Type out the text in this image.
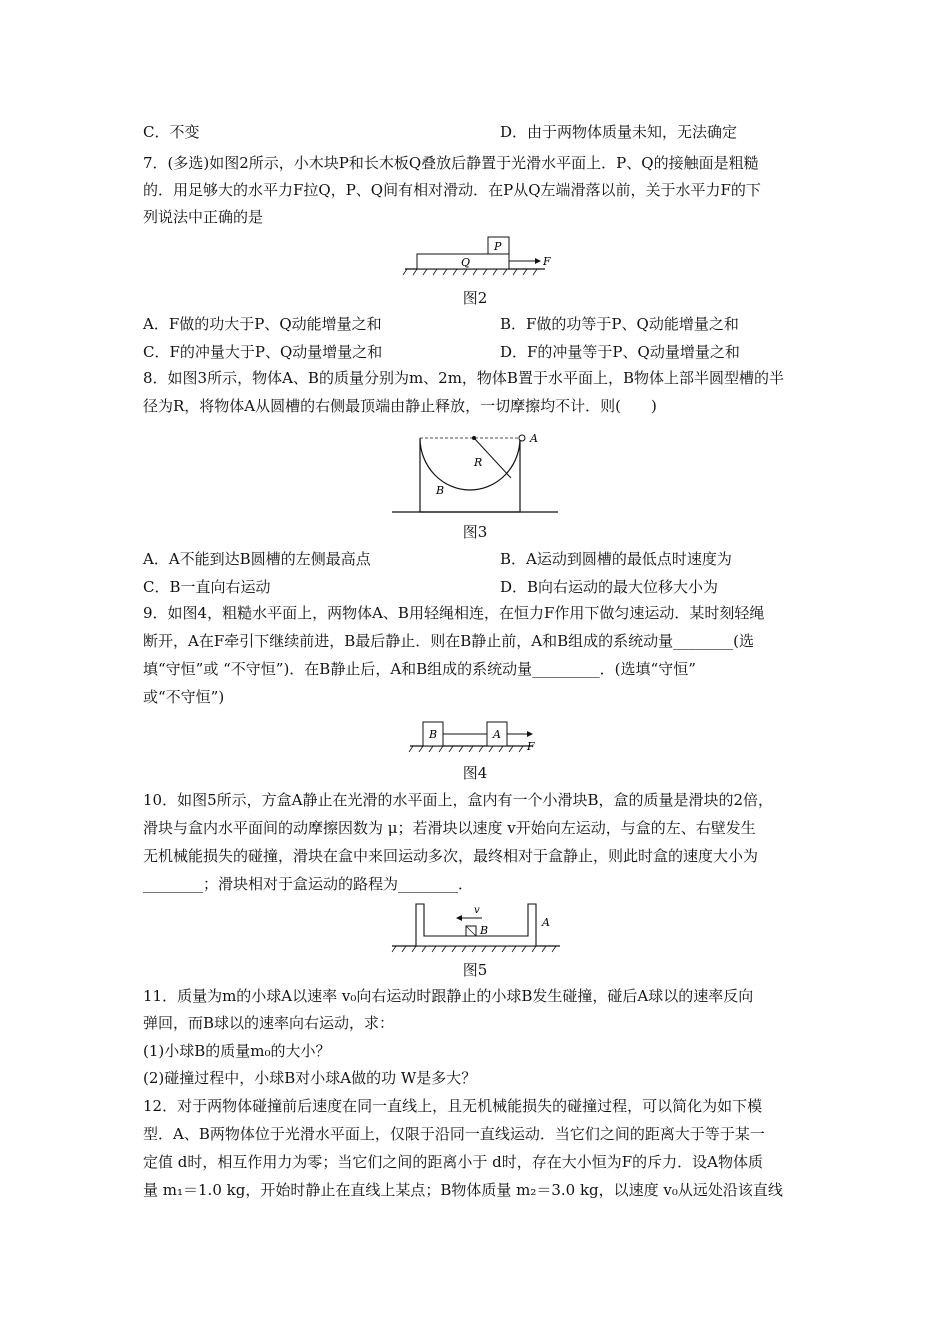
C．不变	D．由于两物体质量未知，无法确定
7．(多选)如图2所示，小木块P和长木板Q叠放后静置于光滑水平面上．P、Q的接触面是粗糙
的．用足够大的水平力F拉Q，P、Q间有相对滑动．在P从Q左端滑落以前，关于水平力F的下
列说法中正确的是
P
Q	F
图2
A．F做的功大于P、Q动能增量之和	B．F做的功等于P、Q动能增量之和
C．F的冲量大于P、Q动量增量之和	D．F的冲量等于P、Q动量增量之和
8．如图3所示，物体A、B的质量分别为m、2m，物体B置于水平面上，B物体上部半圆型槽的半
径为R，将物体A从圆槽的右侧最顶端由静止释放，一切摩擦均不计．则(　　)
A
R
B
图3
A．A不能到达B圆槽的左侧最高点	B．A运动到圆槽的最低点时速度为
C．B一直向右运动	D．B向右运动的最大位移大小为
9．如图4，粗糙水平面上，两物体A、B用轻绳相连，在恒力F作用下做匀速运动．某时刻轻绳
断开，A在F牵引下继续前进，B最后静止．则在B静止前，A和B组成的系统动量________(选
填“守恒”或 “不守恒”)．在B静止后，A和B组成的系统动量_________．(选填“守恒”
或“不守恒”)
B	A
F
图4
10．如图5所示，方盒A静止在光滑的水平面上，盒内有一个小滑块B，盒的质量是滑块的2倍，
滑块与盒内水平面间的动摩擦因数为 μ；若滑块以速度 v开始向左运动，与盒的左、右壁发生
无机械能损失的碰撞，滑块在盒中来回运动多次，最终相对于盒静止，则此时盒的速度大小为
________；滑块相对于盒运动的路程为________．
v
B
A
图5
11．质量为m的小球A以速率 v₀向右运动时跟静止的小球B发生碰撞，碰后A球以的速率反向
弹回，而B球以的速率向右运动，求：
(1)小球B的质量m₀的大小？
(2)碰撞过程中，小球B对小球A做的功 W是多大？
12．对于两物体碰撞前后速度在同一直线上，且无机械能损失的碰撞过程，可以简化为如下模
型．A、B两物体位于光滑水平面上，仅限于沿同一直线运动．当它们之间的距离大于等于某一
定值 d时，相互作用力为零；当它们之间的距离小于 d时，存在大小恒为F的斥力．设A物体质
量 m₁＝1.0 kg，开始时静止在直线上某点；B物体质量 m₂＝3.0 kg，以速度 v₀从远处沿该直线
